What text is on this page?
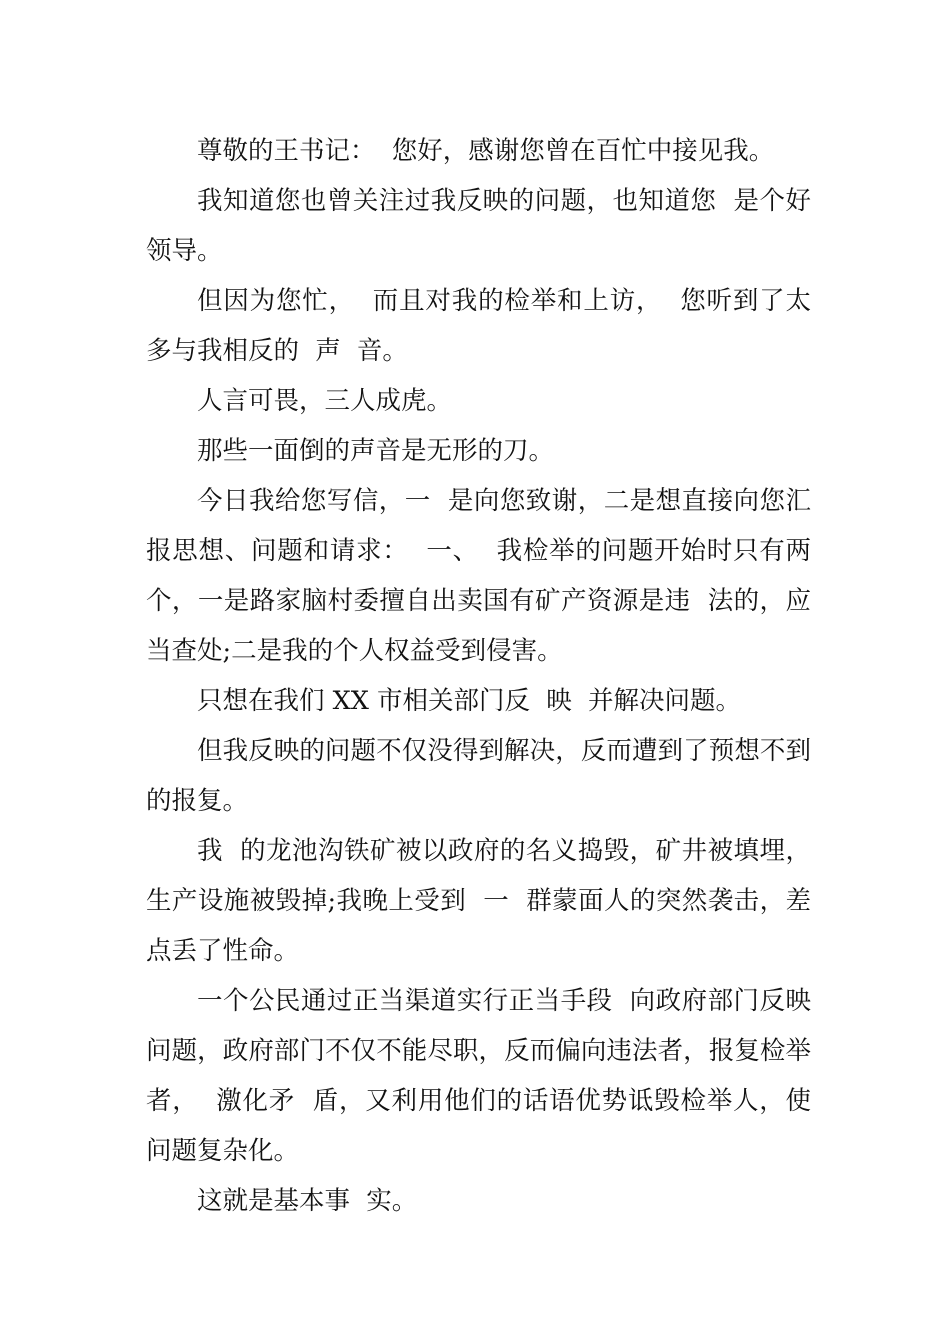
尊敬的王书记：  您好，感谢您曾在百忙中接见我。

我知道您也曾关注过我反映的问题，也知道您  是个好领导。

但因为您忙，  而且对我的检举和上访，  您听到了太多与我相反的  声  音。

人言可畏，三人成虎。

那些一面倒的声音是无形的刀。

今日我给您写信，一  是向您致谢，二是想直接向您汇报思想、问题和请求：  一、  我检举的问题开始时只有两个，一是路家脑村委擅自出卖国有矿产资源是违  法的，应当查处;二是我的个人权益受到侵害。

只想在我们 XX 市相关部门反  映  并解决问题。

但我反映的问题不仅没得到解决，反而遭到了预想不到的报复。

我  的龙池沟铁矿被以政府的名义捣毁，矿井被填埋，生产设施被毁掉;我晚上受到  一  群蒙面人的突然袭击，差点丢了性命。

一个公民通过正当渠道实行正当手段  向政府部门反映问题，政府部门不仅不能尽职，反而偏向违法者，报复检举者，  激化矛  盾，又利用他们的话语优势诋毁检举人，使问题复杂化。

这就是基本事  实。
